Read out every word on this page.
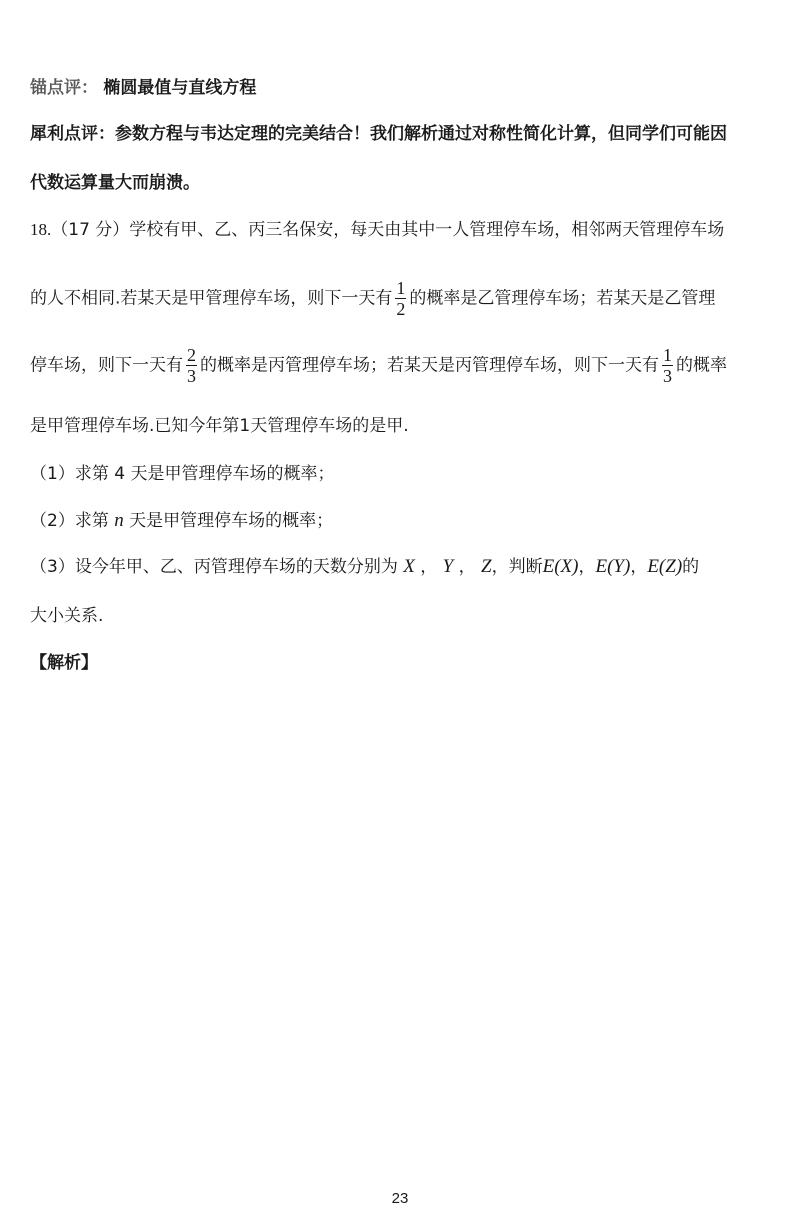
锚点评： 椭圆最值与直线方程
犀利点评：参数方程与韦达定理的完美结合！我们解析通过对称性简化计算，但同学们可能因
代数运算量大而崩溃。
18.（17 分）学校有甲、乙、丙三名保安，每天由其中一人管理停车场，相邻两天管理停车场
的人不相同.若某天是甲管理停车场，则下一天有 $\frac{1}{2}$ 的概率是乙管理停车场；若某天是乙管理
停车场，则下一天有 $\frac{2}{3}$ 的概率是丙管理停车场；若某天是丙管理停车场，则下一天有 $\frac{1}{3}$ 的概率
是甲管理停车场.已知今年第1天管理停车场的是甲.
（1）求第 4 天是甲管理停车场的概率；
（2）求第 n 天是甲管理停车场的概率；
（3）设今年甲、乙、丙管理停车场的天数分别为 X ， Y ， Z，判断E(X)，E(Y)，E(Z)的
大小关系.
【解析】
23
